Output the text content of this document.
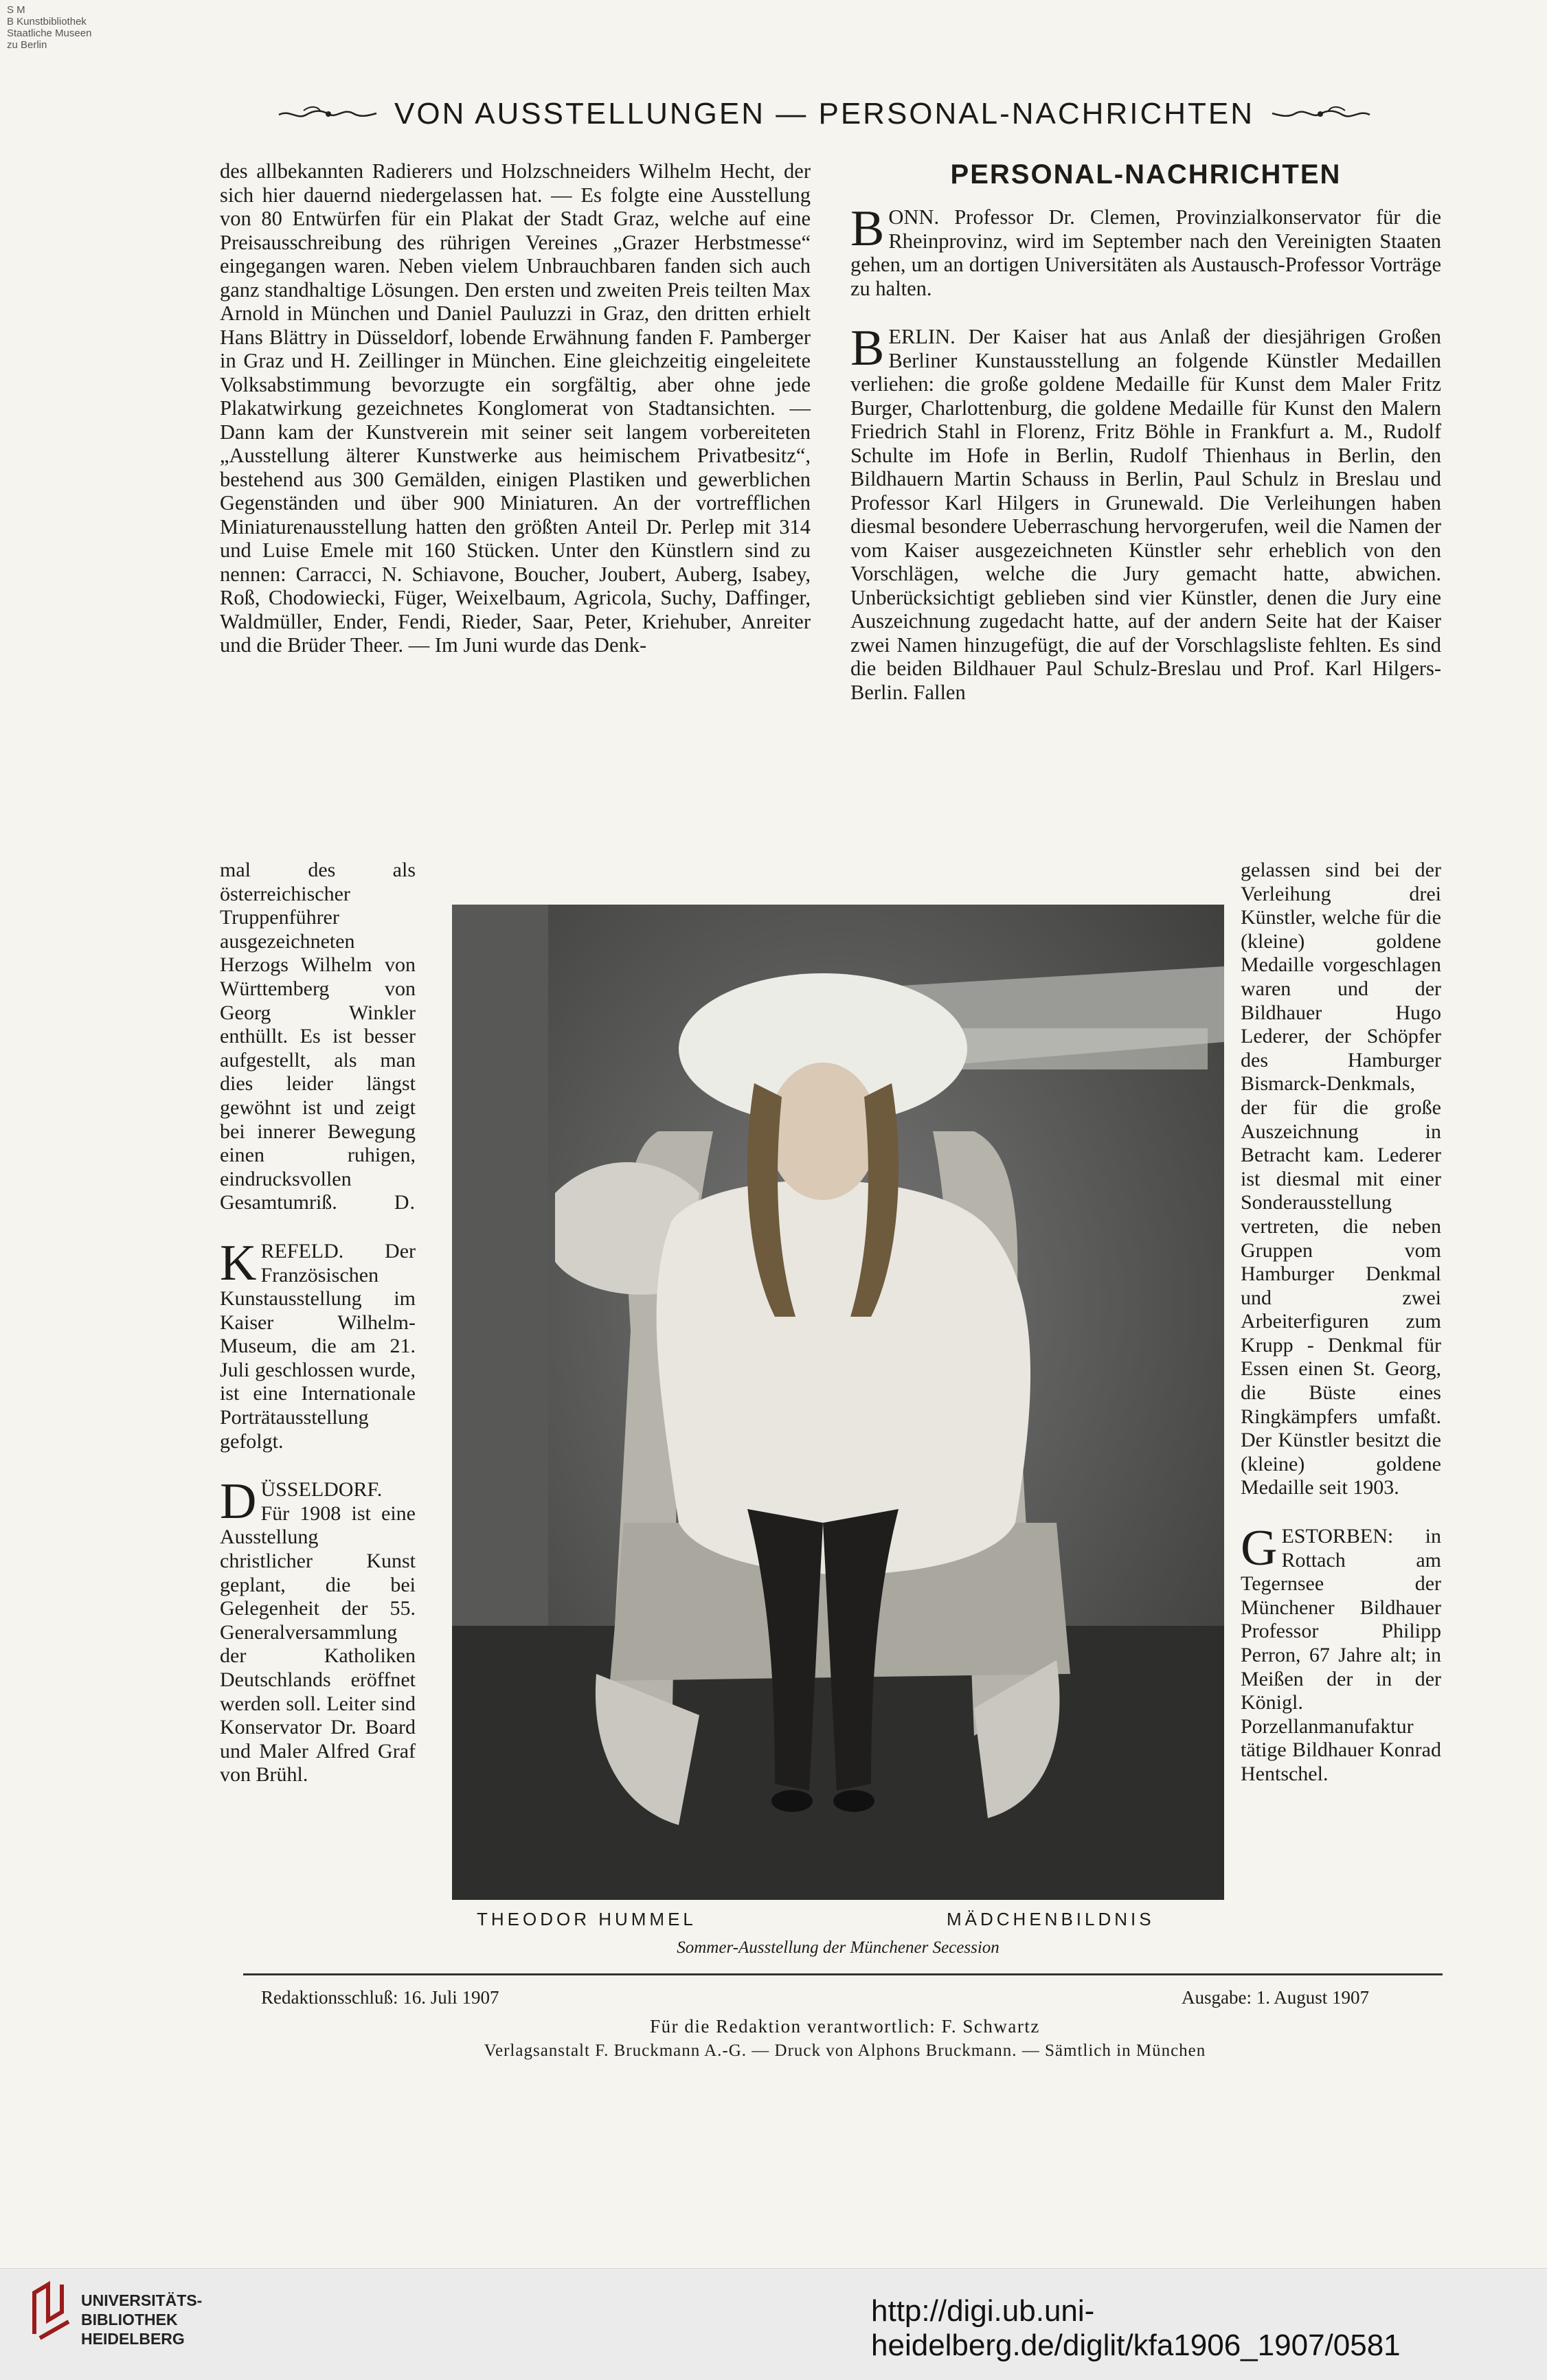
S M
B Kunstbibliothek
Staatliche Museen
zu Berlin
VON AUSSTELLUNGEN — PERSONAL-NACHRICHTEN

des allbekannten Radierers und Holzschneiders Wilhelm Hecht, der sich hier dauernd niedergelassen hat. — Es folgte eine Ausstellung von 80 Entwürfen für ein Plakat der Stadt Graz, welche auf eine Preisausschreibung des rührigen Vereines „Grazer Herbstmesse“ eingegangen waren. Neben vielem Unbrauchbaren fanden sich auch ganz standhaltige Lösungen. Den ersten und zweiten Preis teilten Max Arnold in München und Daniel Pauluzzi in Graz, den dritten erhielt Hans Blättry in Düsseldorf, lobende Erwähnung fanden F. Pamberger in Graz und H. Zeillinger in München. Eine gleichzeitig eingeleitete Volksabstimmung bevorzugte ein sorgfältig, aber ohne jede Plakatwirkung gezeichnetes Konglomerat von Stadtansichten. — Dann kam der Kunstverein mit seiner seit langem vorbereiteten „Ausstellung älterer Kunstwerke aus heimischem Privatbesitz“, bestehend aus 300 Gemälden, einigen Plastiken und gewerblichen Gegenständen und über 900 Miniaturen. An der vortrefflichen Miniaturenausstellung hatten den größten Anteil Dr. Perlep mit 314 und Luise Emele mit 160 Stücken. Unter den Künstlern sind zu nennen: Carracci, N. Schiavone, Boucher, Joubert, Auberg, Isabey, Roß, Chodowiecki, Füger, Weixelbaum, Agricola, Suchy, Daffinger, Waldmüller, Ender, Fendi, Rieder, Saar, Peter, Kriehuber, Anreiter und die Brüder Theer. — Im Juni wurde das Denk-

mal des als österreichischer Truppenführer ausgezeichneten Herzogs Wilhelm von Württemberg von Georg Winkler enthüllt. Es ist besser aufgestellt, als man dies leider längst gewöhnt ist und zeigt bei innerer Bewegung einen ruhigen, eindrucksvollen Gesamtumriß.	D.

KREFELD. Der Französischen Kunstausstellung im Kaiser Wilhelm-Museum, die am 21. Juli geschlossen wurde, ist eine Internationale Porträtausstellung gefolgt.

DÜSSELDORF. Für 1908 ist eine Ausstellung christlicher Kunst geplant, die bei Gelegenheit der 55. Generalversammlung der Katholiken Deutschlands eröffnet werden soll. Leiter sind Konservator Dr. Board und Maler Alfred Graf von Brühl.

PERSONAL-NACHRICHTEN

BONN. Professor Dr. Clemen, Provinzialkonservator für die Rheinprovinz, wird im September nach den Vereinigten Staaten gehen, um an dortigen Universitäten als Austausch-Professor Vorträge zu halten.

BERLIN. Der Kaiser hat aus Anlaß der diesjährigen Großen Berliner Kunstausstellung an folgende Künstler Medaillen verliehen: die große goldene Medaille für Kunst dem Maler Fritz Burger, Charlottenburg, die goldene Medaille für Kunst den Malern Friedrich Stahl in Florenz, Fritz Böhle in Frankfurt a. M., Rudolf Schulte im Hofe in Berlin, Rudolf Thienhaus in Berlin, den Bildhauern Martin Schauss in Berlin, Paul Schulz in Breslau und Professor Karl Hilgers in Grunewald. Die Verleihungen haben diesmal besondere Ueberraschung hervorgerufen, weil die Namen der vom Kaiser ausgezeichneten Künstler sehr erheblich von den Vorschlägen, welche die Jury gemacht hatte, abwichen. Unberücksichtigt geblieben sind vier Künstler, denen die Jury eine Auszeichnung zugedacht hatte, auf der andern Seite hat der Kaiser zwei Namen hinzugefügt, die auf der Vorschlagsliste fehlten. Es sind die beiden Bildhauer Paul Schulz-Breslau und Prof. Karl Hilgers-Berlin. Fallen

gelassen sind bei der Verleihung drei Künstler, welche für die (kleine) goldene Medaille vorgeschlagen waren und der Bildhauer Hugo Lederer, der Schöpfer des Hamburger Bismarck-Denkmals, der für die große Auszeichnung in Betracht kam. Lederer ist diesmal mit einer Sonderausstellung vertreten, die neben Gruppen vom Hamburger Denkmal und zwei Arbeiterfiguren zum Krupp - Denkmal für Essen einen St. Georg, die Büste eines Ringkämpfers umfaßt. Der Künstler besitzt die (kleine) goldene Medaille seit 1903.

GESTORBEN: in Rottach am Tegernsee der Münchener Bildhauer Professor Philipp Perron, 67 Jahre alt; in Meißen der in der Königl. Porzellanmanufaktur tätige Bildhauer Konrad Hentschel.

THEODOR HUMMEL	MÄDCHENBILDNIS
Sommer-Ausstellung der Münchener Secession
Redaktionsschluß: 16. Juli 1907	Ausgabe: 1. August 1907
Für die Redaktion verantwortlich: F. Schwartz
Verlagsanstalt F. Bruckmann A.-G. — Druck von Alphons Bruckmann. — Sämtlich in München
UNIVERSITÄTS-
BIBLIOTHEK
HEIDELBERG
http://digi.ub.uni-heidelberg.de/diglit/kfa1906_1907/0581
